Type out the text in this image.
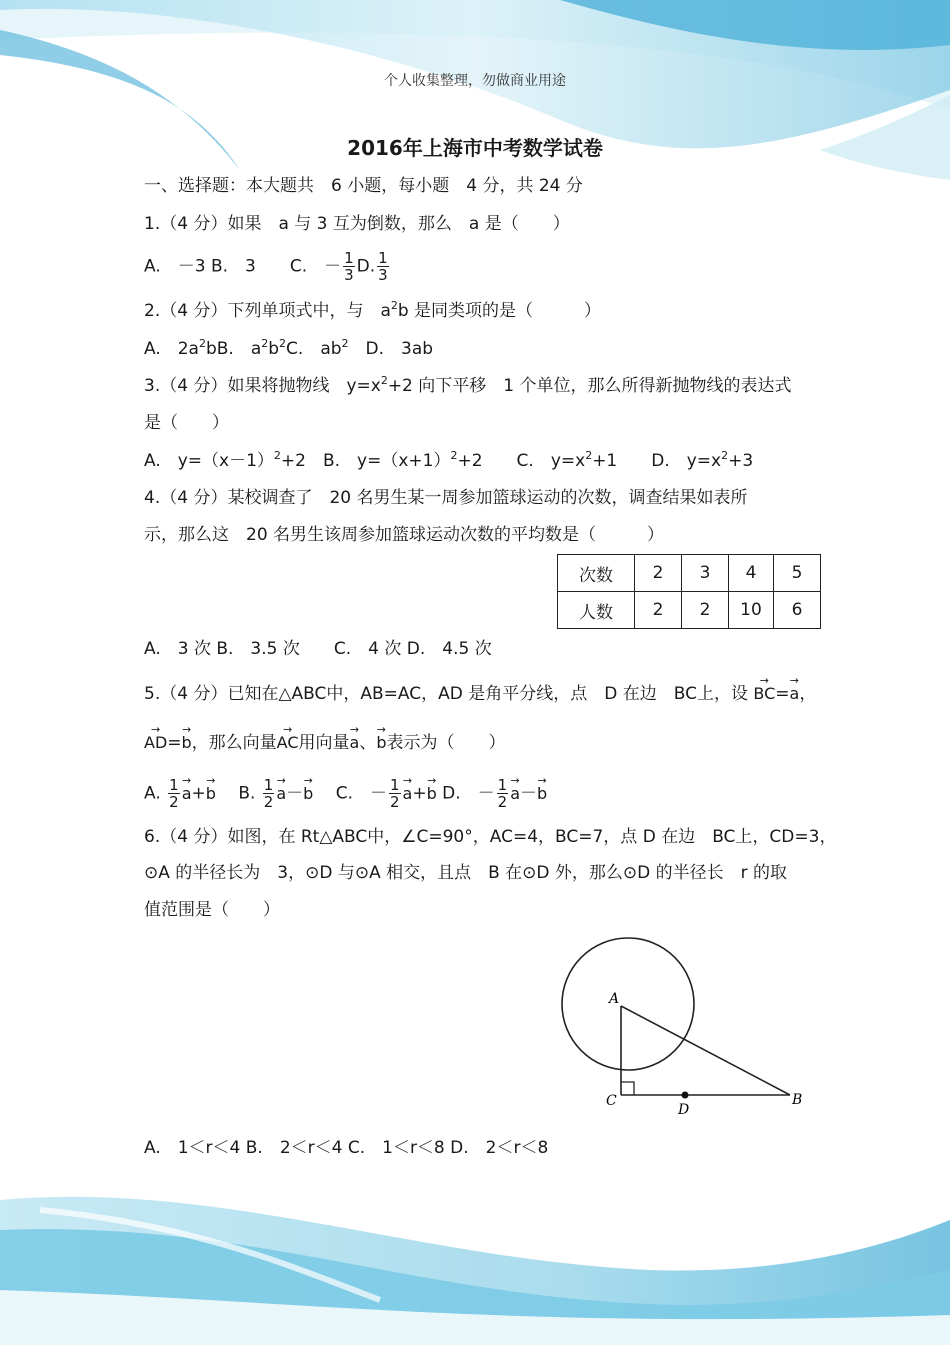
个人收集整理，勿做商业用途
2016年上海市中考数学试卷
一、选择题：本大题共　6 小题，每小题　4 分，共 24 分
1.（4 分）如果　a 与 3 互为倒数，那么　a 是（　　）
A.　－3 B.　3　　C.　－ $\frac{1}{3} D$. $\frac{1}{3}$
2.（4 分）下列单项式中，与　$a^2b$ 是同类项的是（　　　）
A.　$2a^2bB$.　$a^2b^2C$.　$ab^2$　 D.　3ab
3.（4 分）如果将抛物线　$y=x^2+2$ 向下平移　1 个单位，那么所得新抛物线的表达式
是（　　）
A.　$y=(x-1)^2+2$　B.　$y=(x+1)^2+2$　　C.　$y=x^2+1$　　D.　$y=x^2+3$
4.（4 分）某校调查了　20 名男生某一周参加篮球运动的次数，调查结果如表所
示，那么这　20 名男生该周参加篮球运动次数的平均数是（　　　）
次数	2	3	4	5
人数	2	2	10	6
A.　3 次 B.　3.5 次　　C.　4 次 D.　4.5 次
5.（4 分）已知在△ABC中，AB=AC，AD 是角平分线，点　D 在边　BC上，设 → BC=→ a，
→ AD=→ b，那么向量→ AC用向量→ a、→ b表示为（　　）
A. $\frac{1}{2} \to a+\to b$ 　 B. $\frac{1}{2} \to a-\to b$ 　 C.　－ $\frac{1}{2} \to a+\to b$ D.　－ $\frac{1}{2} \to a-\to b$
6.（4 分）如图，在 Rt△ABC中，∠C=90°，AC=4，BC=7，点 D 在边　BC上，CD=3，
⊙A 的半径长为　3，⊙D 与⊙A 相交，且点　B 在⊙D 外，那么⊙D 的半径长　r 的取
值范围是（　　）
A
C
D
B
A.　1＜r＜4 B.　2＜r＜4 C.　1＜r＜8 D.　2＜r＜8
